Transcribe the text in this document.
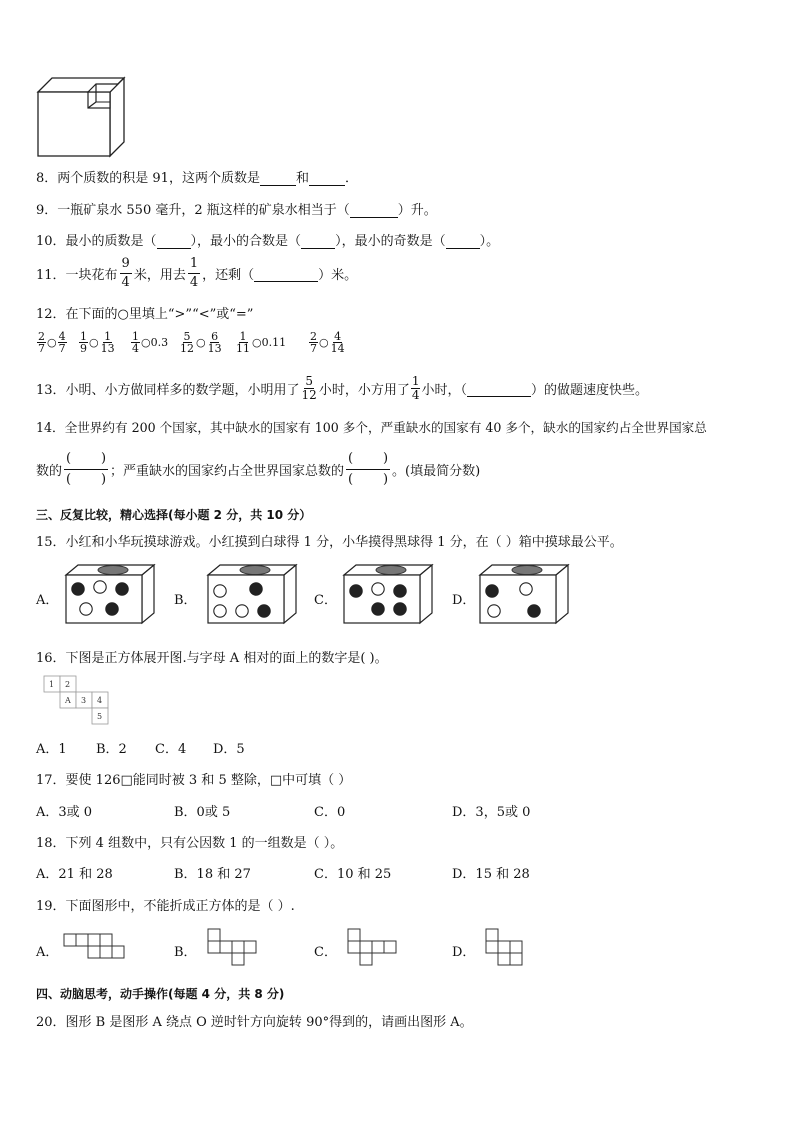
8．两个质数的积是 91，这两个质数是	和	．
9．一瓶矿泉水 550 毫升，2 瓶这样的矿泉水相当于（	）升。
10．最小的质数是（	），最小的合数是（	），最小的奇数是（	）。
11．一块花布
9
4 米，用去
1
4 ，还剩（	）米。
12．在下面的○里填上“>”“<”或“=”
$\frac{2}{7}$ ○ $\frac{4}{7} \frac{1}{9}$ ○ $\frac{1}{13} \frac{1}{4}$ ○ $0.3 \frac{5}{12}$ ○ $\frac{6}{13} \frac{1}{11}$ ○ $0.11 \frac{2}{7}$ ○ $\frac{4}{14}$
13．小明、小方做同样多的数学题，小明用了 $\frac{5}{12}$ 小时，小方用了 $\frac{1}{4}$ 小时，（	）的做题速度快些。
14．全世界约有 200 个国家，其中缺水的国家有 100 多个，严重缺水的国家有 40 多个，缺水的国家约占全世界国家总
数的
( )
( )
；严重缺水的国家约占全世界国家总数的
( )
( )
。(填最简分数)
三、反复比较，精心选择(每小题 2 分，共 10 分）
15．小红和小华玩摸球游戏。小红摸到白球得 1 分，小华摸得黑球得 1 分，在（ ）箱中摸球最公平。
A．	B．	C．	D．
16．下图是正方体展开图.与字母 A 相对的面上的数字是( )。
1 2
A 3 4
5
A．1 B．2 C．4 D．5
17．要使 126□能同时被 3 和 5 整除，□中可填（ ）
A．3或 0	B．0或 5	C．0	D．3，5或 0
18．下列 4 组数中，只有公因数 1 的一组数是（ ）。
A．21 和 28	B．18 和 27	C．10 和 25	D．15 和 28
19．下面图形中，不能折成正方体的是（ ）.
A．	B．	C．	D．
四、动脑思考，动手操作(每题 4 分，共 8 分)
20．图形 B 是图形 A 绕点 O 逆时针方向旋转 90°得到的，请画出图形 A。
